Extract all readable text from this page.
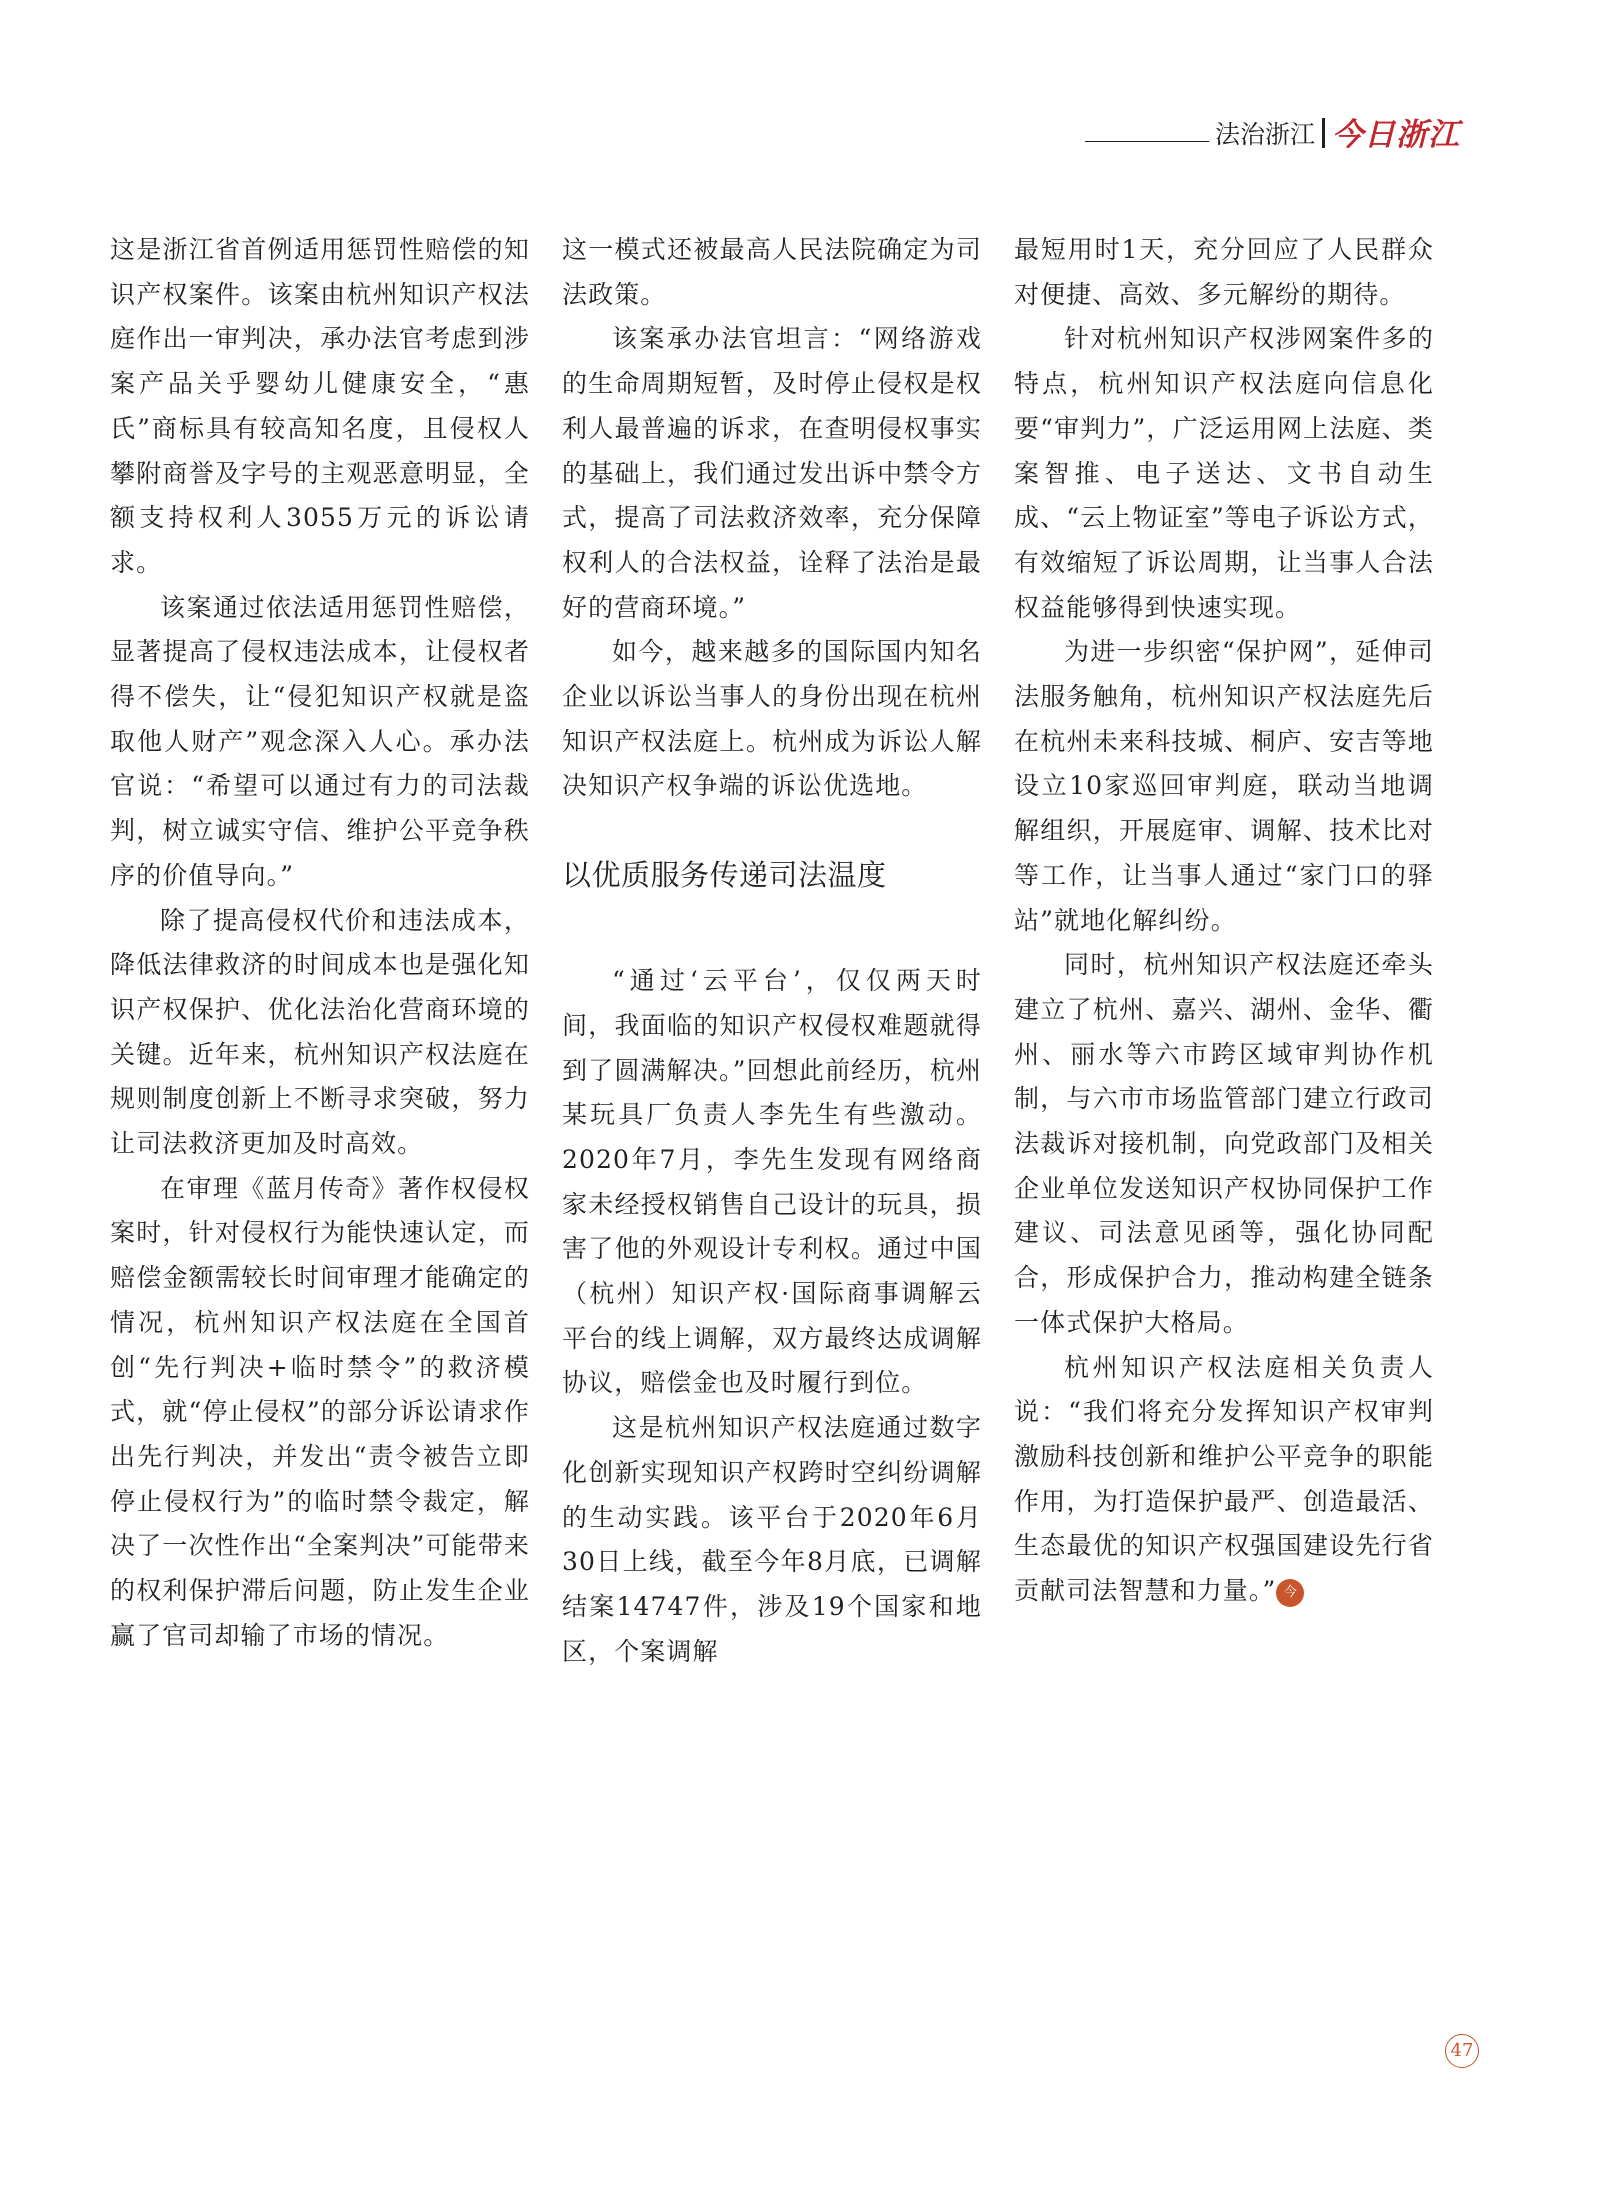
法治浙江 今日浙江

这是浙江省首例适用惩罚性赔偿的知识产权案件。该案由杭州知识产权法庭作出一审判决，承办法官考虑到涉案产品关乎婴幼儿健康安全，“惠氏”商标具有较高知名度，且侵权人攀附商誉及字号的主观恶意明显，全额支持权利人3055万元的诉讼请求。

该案通过依法适用惩罚性赔偿，显著提高了侵权违法成本，让侵权者得不偿失，让“侵犯知识产权就是盗取他人财产”观念深入人心。承办法官说：“希望可以通过有力的司法裁判，树立诚实守信、维护公平竞争秩序的价值导向。”

除了提高侵权代价和违法成本，降低法律救济的时间成本也是强化知识产权保护、优化法治化营商环境的关键。近年来，杭州知识产权法庭在规则制度创新上不断寻求突破，努力让司法救济更加及时高效。

在审理《蓝月传奇》著作权侵权案时，针对侵权行为能快速认定，而赔偿金额需较长时间审理才能确定的情况，杭州知识产权法庭在全国首创“先行判决+临时禁令”的救济模式，就“停止侵权”的部分诉讼请求作出先行判决，并发出“责令被告立即停止侵权行为”的临时禁令裁定，解决了一次性作出“全案判决”可能带来的权利保护滞后问题，防止发生企业赢了官司却输了市场的情况。

这一模式还被最高人民法院确定为司法政策。

该案承办法官坦言：“网络游戏的生命周期短暂，及时停止侵权是权利人最普遍的诉求，在查明侵权事实的基础上，我们通过发出诉中禁令方式，提高了司法救济效率，充分保障权利人的合法权益，诠释了法治是最好的营商环境。”

如今，越来越多的国际国内知名企业以诉讼当事人的身份出现在杭州知识产权法庭上。杭州成为诉讼人解决知识产权争端的诉讼优选地。

以优质服务传递司法温度

“通过‘云平台’，仅仅两天时间，我面临的知识产权侵权难题就得到了圆满解决。”回想此前经历，杭州某玩具厂负责人李先生有些激动。2020年7月，李先生发现有网络商家未经授权销售自己设计的玩具，损害了他的外观设计专利权。通过中国（杭州）知识产权·国际商事调解云平台的线上调解，双方最终达成调解协议，赔偿金也及时履行到位。

这是杭州知识产权法庭通过数字化创新实现知识产权跨时空纠纷调解的生动实践。该平台于2020年6月30日上线，截至今年8月底，已调解结案14747件，涉及19个国家和地区，个案调解

最短用时1天，充分回应了人民群众对便捷、高效、多元解纷的期待。

针对杭州知识产权涉网案件多的特点，杭州知识产权法庭向信息化要“审判力”，广泛运用网上法庭、类案智推、电子送达、文书自动生成、“云上物证室”等电子诉讼方式，有效缩短了诉讼周期，让当事人合法权益能够得到快速实现。

为进一步织密“保护网”，延伸司法服务触角，杭州知识产权法庭先后在杭州未来科技城、桐庐、安吉等地设立10家巡回审判庭，联动当地调解组织，开展庭审、调解、技术比对等工作，让当事人通过“家门口的驿站”就地化解纠纷。

同时，杭州知识产权法庭还牵头建立了杭州、嘉兴、湖州、金华、衢州、丽水等六市跨区域审判协作机制，与六市市场监管部门建立行政司法裁诉对接机制，向党政部门及相关企业单位发送知识产权协同保护工作建议、司法意见函等，强化协同配合，形成保护合力，推动构建全链条一体式保护大格局。

杭州知识产权法庭相关负责人说：“我们将充分发挥知识产权审判激励科技创新和维护公平竞争的职能作用，为打造保护最严、创造最活、生态最优的知识产权强国建设先行省贡献司法智慧和力量。” 今

47
